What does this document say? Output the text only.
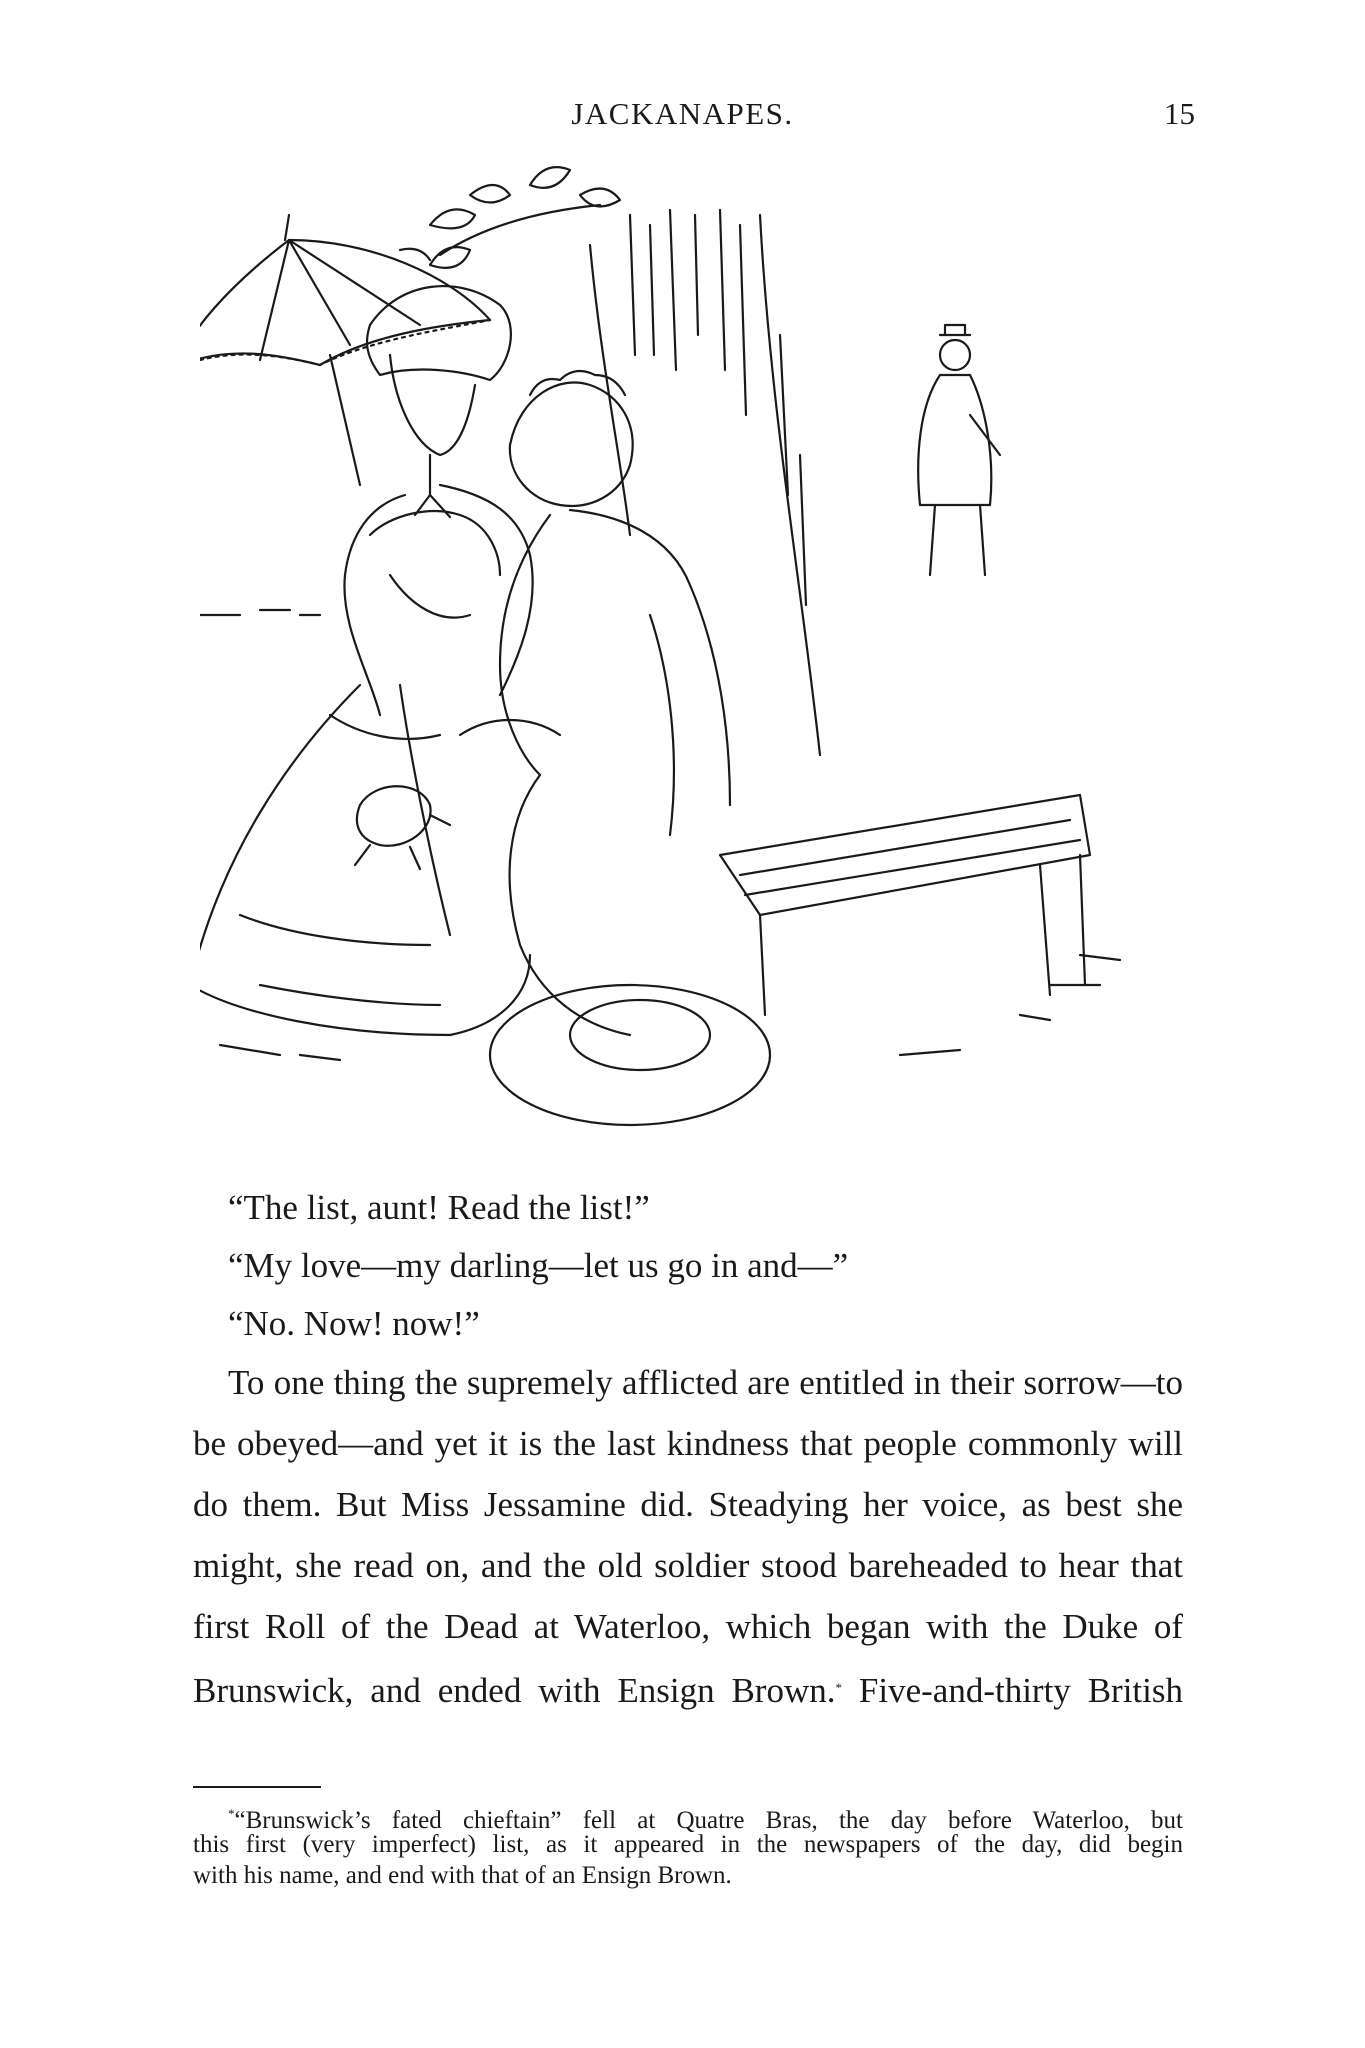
JACKANAPES.	15
“The list, aunt! Read the list!”
“My love—my darling—let us go in and—”
“No. Now! now!”
To one thing the supremely afflicted are entitled in their sorrow—to
be obeyed—and yet it is the last kindness that people commonly will
do them. But Miss Jessamine did. Steadying her voice, as best she
might, she read on, and the old soldier stood bareheaded to hear that
first Roll of the Dead at Waterloo, which began with the Duke of
Brunswick, and ended with Ensign Brown.* Five-and-thirty British
*“Brunswick’s fated chieftain” fell at Quatre Bras, the day before Waterloo, but
this first (very imperfect) list, as it appeared in the newspapers of the day, did begin
with his name, and end with that of an Ensign Brown.
